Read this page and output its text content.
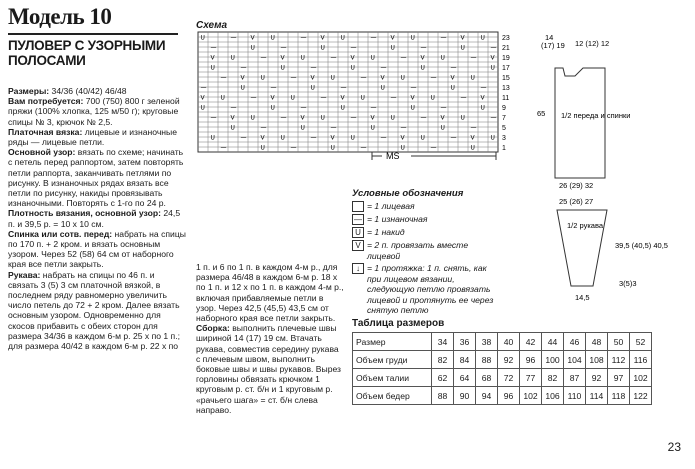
Модель 10
ПУЛОВЕР С УЗОРНЫМИ ПОЛОСАМИ

Размеры: 34/36 (40/42) 46/48

Вам потребуется: 700 (750) 800 г зеленой пряжи (100% хлопка, 125 м/50 г); круговые спицы № 3, крючок № 2,5.

Платочная вязка: лицевые и изнаночные ряды — лицевые петли.

Основной узор: вязать по схеме; начинать с петель перед раппортом, затем повторять петли раппорта, заканчивать петлями по рисунку. В изнаночных рядах вязать все петли по рисунку, накиды провязывать изнаночными. Повторять с 1-го по 24 р.

Плотность вязания, основной узор: 24,5 п. и 39,5 р. = 10 х 10 см.

Спинка или сотв. перед: набрать на спицы по 170 п. + 2 кром. и вязать основным узором. Через 52 (58) 64 см от наборного края все петли закрыть.

Рукава: набрать на спицы по 46 п. и связать 3 (5) 3 см платочной вязкой, в последнем ряду равномерно увеличить число петель до 72 + 2 кром. Далее вязать основным узором. Одновременно для скосов прибавить с обеих сторон для размера 34/36 в каждом 6-м р. 25 х по 1 п.; для размера 40/42 в каждом 6-м р. 22 х по

1 п. и 6 по 1 п. в каждом 4-м р., для размера 46/48 в каждом 6-м р. 18 х по 1 п. и 12 х по 1 п. в каждом 4-м р., включая прибавляемые петли в узор. Через 42,5 (45,5) 43,5 см от наборного края все петли закрыть.

Сборка: выполнить плечевые швы шириной 14 (17) 19 см. Втачать рукава, совместив середину рукава с плечевым швом, выполнить боковые швы и швы рукавов. Вырез горловины обвязать крючком 1 круговым р. ст. б/н и 1 круговым р. «рачьего шага» = ст. б/н слева направо.

Схема
U	— V	U	— V	U	— V	U	— V	U
—	U	—	U	—	U	—	U	—
V	U	— V	U	— V	U	— V	U	— V
U	—	U	—	U	—	U	—	U
— V	U	— V	U	— V	U	— V	U
—	U	—	U	—	U	—	U	—
V	U	— V	U	— V	U	— V	U	— V
U	—	U	—	U	—	U	—	U
— V	U	— V	U	— V	U	— V	U	—
U	—	U	—	U	—	U	—
U	— V	U	— V	U	— V	U	— V	U
—	U	—	U	—	U	—	U
23
21
19
17
15
13
11
9
7
5
3
1
MS
14
(17) 19 12 (12) 12
1/2 переда и спинки
65
26 (29) 32
25 (26) 27
1/2 рукава
39,5 (40,5) 40,5
3(5)3
14,5
Условные обозначения
= 1 лицевая
— = 1 изнаночная
U = 1 накид
V = 2 п. провязать вместе лицевой
↓ = 1 протяжка: 1 п. снять, как при лицевом вязании, следующую петлю провязать лицевой и протянуть ее через снятую петлю
Таблица размеров
Размер	34	36	38	40	42	44	46	48	50	52
Объем груди	82	84	88	92	96	100	104	108	112	116
Объем талии	62	64	68	72	77	82	87	92	97	102
Объем бедер	88	90	94	96	102	106	110	114	118	122
23
